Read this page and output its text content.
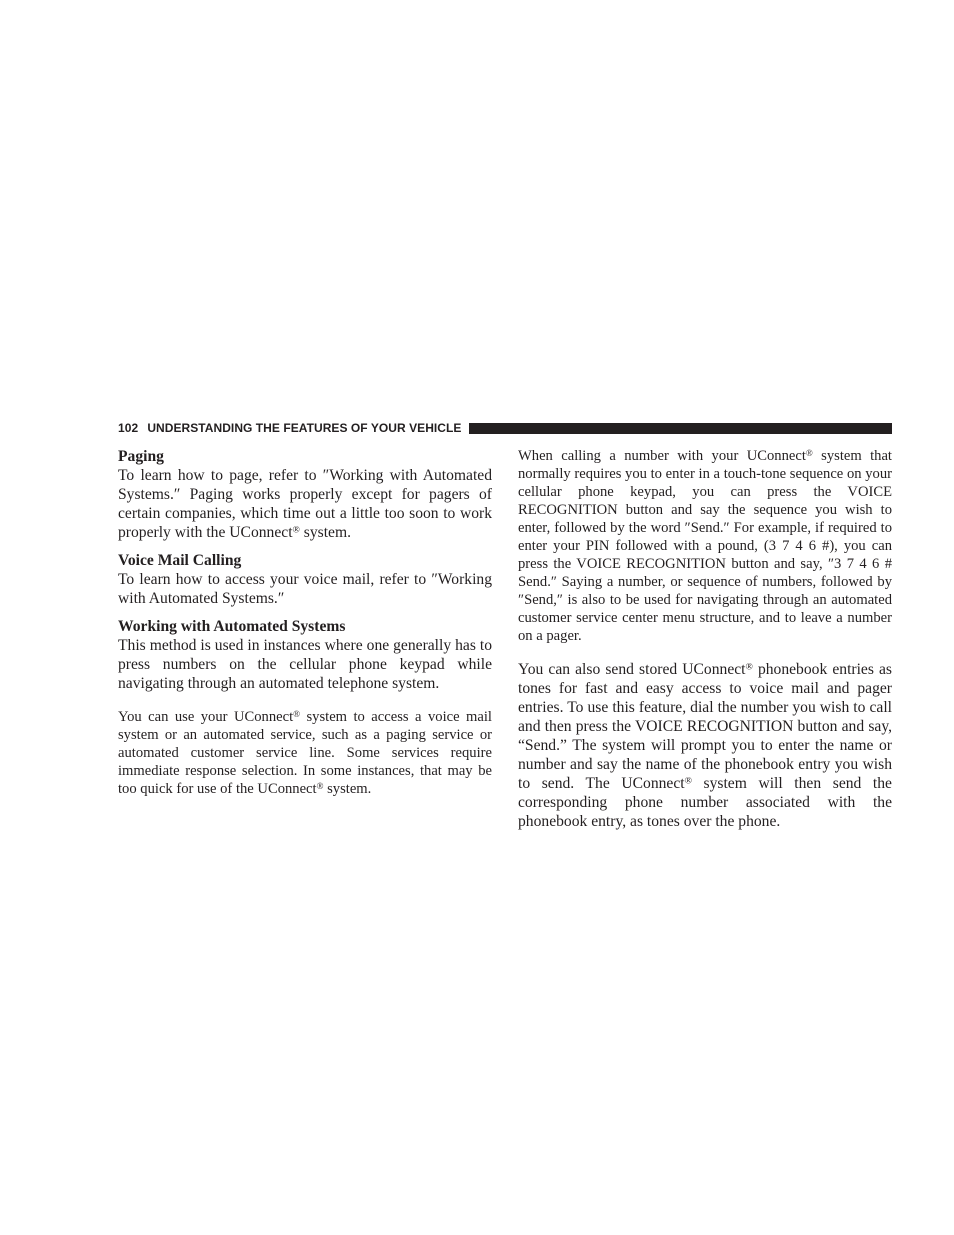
102 UNDERSTANDING THE FEATURES OF YOUR VEHICLE
Paging

To learn how to page, refer to ″Working with Automated Systems.″ Paging works properly except for pagers of certain companies, which time out a little too soon to work properly with the UConnect® system.

Voice Mail Calling

To learn how to access your voice mail, refer to ″Working with Automated Systems.″

Working with Automated Systems

This method is used in instances where one generally has to press numbers on the cellular phone keypad while navigating through an automated telephone system.

You can use your UConnect® system to access a voice mail system or an automated service, such as a paging service or automated customer service line. Some services require immediate response selection. In some instances, that may be too quick for use of the UConnect® system.

When calling a number with your UConnect® system that normally requires you to enter in a touch-tone sequence on your cellular phone keypad, you can press the VOICE RECOGNITION button and say the sequence you wish to enter, followed by the word ″Send.″ For example, if required to enter your PIN followed with a pound, (3 7 4 6 #), you can press the VOICE RECOGNITION button and say, ″3 7 4 6 # Send.″ Saying a number, or sequence of numbers, followed by ″Send,″ is also to be used for navigating through an automated customer service center menu structure, and to leave a number on a pager.

You can also send stored UConnect® phonebook entries as tones for fast and easy access to voice mail and pager entries. To use this feature, dial the number you wish to call and then press the VOICE RECOGNITION button and say, “Send.” The system will prompt you to enter the name or number and say the name of the phonebook entry you wish to send. The UConnect® system will then send the corresponding phone number associated with the phonebook entry, as tones over the phone.
